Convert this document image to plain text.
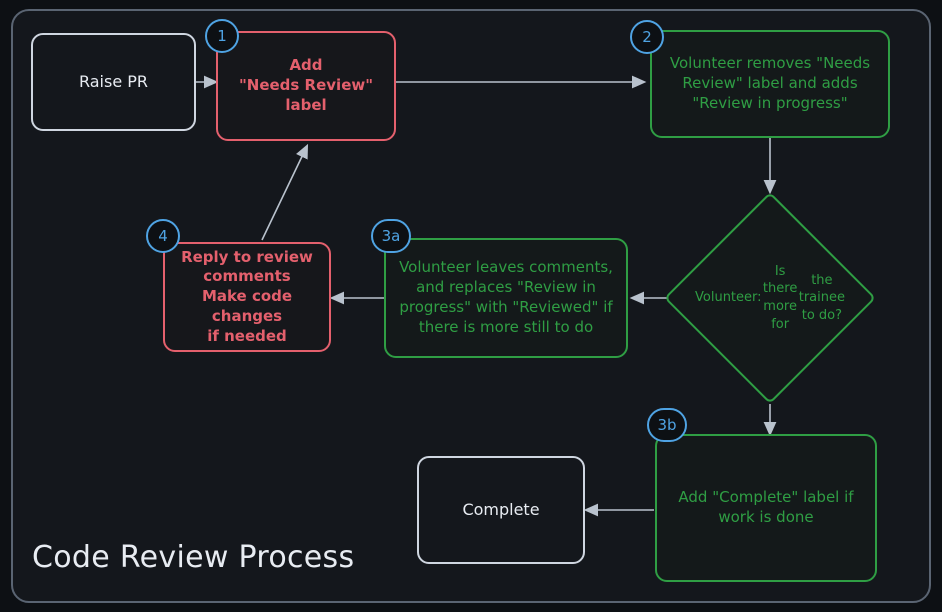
Raise PR
Add
"Needs Review"
label
1
Volunteer removes "Needs
Review" label and adds
"Review in progress"
2
Volunteer:
Is there more for
the trainee to do?
Volunteer leaves comments,
and replaces "Review in
progress" with "Reviewed" if
there is more still to do
3a
Reply to review
comments
Make code changes
if needed
4
Add "Complete" label if
work is done
3b
Complete
Code Review Process
